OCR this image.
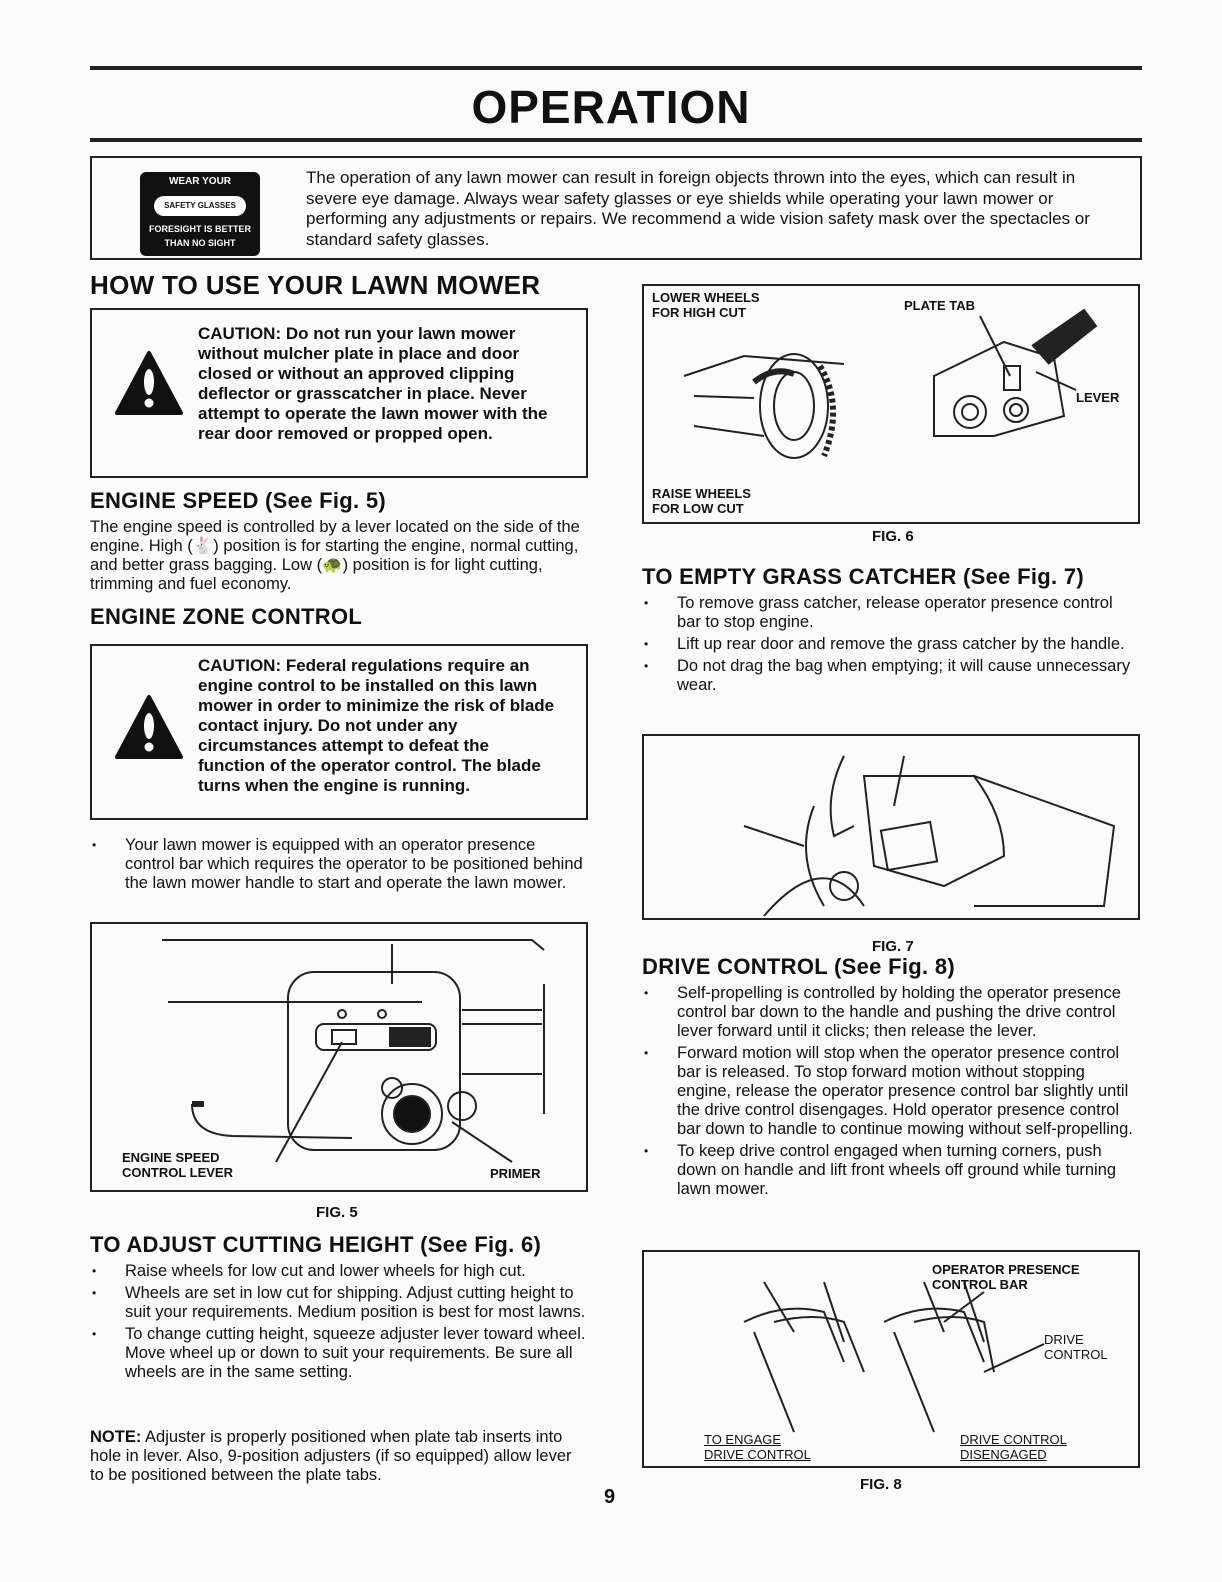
OPERATION
WEAR YOUR
SAFETY GLASSES
FORESIGHT IS BETTER
THAN NO SIGHT
The operation of any lawn mower can result in foreign objects thrown into the eyes, which can result in severe eye damage. Always wear safety glasses or eye shields while operating your lawn mower or performing any adjustments or repairs. We recommend a wide vision safety mask over the spectacles or standard safety glasses.
HOW TO USE YOUR LAWN MOWER
CAUTION: Do not run your lawn mower without mulcher plate in place and door closed or without an approved clipping deflector or grasscatcher in place. Never attempt to operate the lawn mower with the rear door removed or propped open.
ENGINE SPEED (See Fig. 5)
The engine speed is controlled by a lever located on the side of the engine. High (🐇) position is for starting the engine, normal cutting, and better grass bagging. Low (🐢) position is for light cutting, trimming and fuel economy.
ENGINE ZONE CONTROL
CAUTION: Federal regulations require an engine control to be installed on this lawn mower in order to minimize the risk of blade contact injury. Do not under any circumstances attempt to defeat the function of the operator control. The blade turns when the engine is running.
• Your lawn mower is equipped with an operator presence control bar which requires the operator to be positioned behind the lawn mower handle to start and operate the lawn mower.
ENGINE SPEED
CONTROL LEVER	PRIMER
FIG. 5
TO ADJUST CUTTING HEIGHT (See Fig. 6)
• Raise wheels for low cut and lower wheels for high cut.
• Wheels are set in low cut for shipping. Adjust cutting height to suit your requirements. Medium position is best for most lawns.
• To change cutting height, squeeze adjuster lever toward wheel. Move wheel up or down to suit your requirements. Be sure all wheels are in the same setting.
NOTE: Adjuster is properly positioned when plate tab inserts into hole in lever. Also, 9-position adjusters (if so equipped) allow lever to be positioned between the plate tabs.
9
LOWER WHEELS
FOR HIGH CUT	PLATE TAB
LEVER
RAISE WHEELS
FOR LOW CUT
FIG. 6
TO EMPTY GRASS CATCHER (See Fig. 7)
• To remove grass catcher, release operator presence control bar to stop engine.
• Lift up rear door and remove the grass catcher by the handle.
• Do not drag the bag when emptying; it will cause unnecessary wear.
FIG. 7
DRIVE CONTROL (See Fig. 8)
• Self-propelling is controlled by holding the operator presence control bar down to the handle and pushing the drive control lever forward until it clicks; then release the lever.
• Forward motion will stop when the operator presence control bar is released. To stop forward motion without stopping engine, release the operator presence control bar slightly until the drive control disengages. Hold operator presence control bar down to handle to continue mowing without self-propelling.
• To keep drive control engaged when turning corners, push down on handle and lift front wheels off ground while turning lawn mower.
OPERATOR PRESENCE
CONTROL BAR
DRIVE
CONTROL
TO ENGAGE
DRIVE CONTROL
DRIVE CONTROL
DISENGAGED
FIG. 8
